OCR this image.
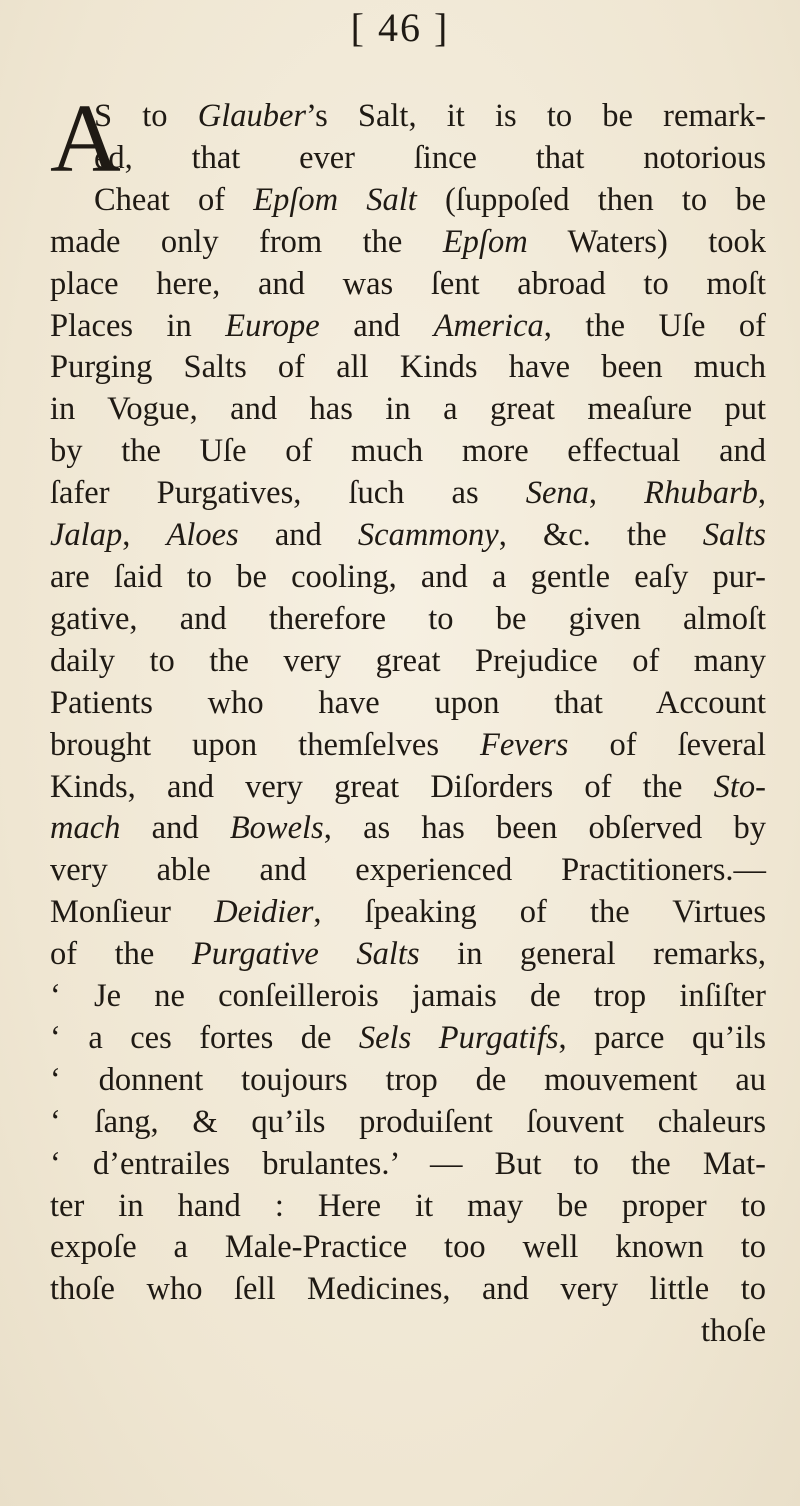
[ 46 ]
A
S to Glauber’s Salt, it is to be remark-
ed, that ever ſince that notorious
Cheat of Epſom Salt (ſuppoſed then to be
made only from the Epſom Waters) took
place here, and was ſent abroad to moſt
Places in Europe and America, the Uſe of
Purging Salts of all Kinds have been much
in Vogue, and has in a great meaſure put
by the Uſe of much more effectual and
ſafer Purgatives, ſuch as Sena, Rhubarb,
Jalap, Aloes and Scammony, &c. the Salts
are ſaid to be cooling, and a gentle eaſy pur-
gative, and therefore to be given almoſt
daily to the very great Prejudice of many
Patients who have upon that Account
brought upon themſelves Fevers of ſeveral
Kinds, and very great Diſorders of the Sto-
mach and Bowels, as has been obſerved by
very able and experienced Practitioners.—
Monſieur Deidier, ſpeaking of the Virtues
of the Purgative Salts in general remarks,
‘ Je ne conſeillerois jamais de trop inſiſter
‘ a ces fortes de Sels Purgatifs, parce qu’ils
‘ donnent toujours trop de mouvement au
‘ ſang, & qu’ils produiſent ſouvent chaleurs
‘ d’entrailes brulantes.’ — But to the Mat-
ter in hand : Here it may be proper to
expoſe a Male-Practice too well known to
thoſe who ſell Medicines, and very little to
thoſe
